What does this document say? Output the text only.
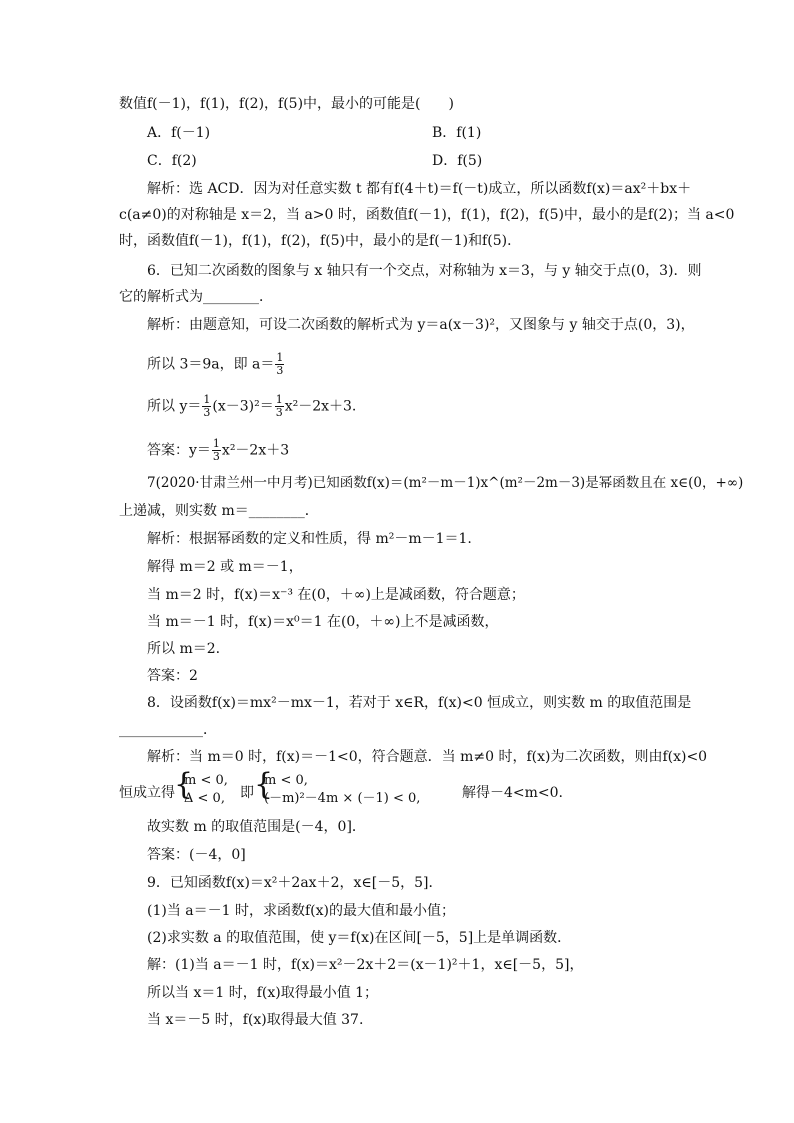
数值f(－1)，f(1)，f(2)，f(5)中，最小的可能是(　　)
A．f(－1)	B．f(1)
C．f(2)	D．f(5)
解析：选 ACD．因为对任意实数 t 都有f(4＋t)＝f(－t)成立，所以函数f(x)＝ax²＋bx＋
c(a≠0)的对称轴是 x＝2，当 a>0 时，函数值f(－1)，f(1)，f(2)，f(5)中，最小的是f(2)；当 a<0
时，函数值f(－1)，f(1)，f(2)，f(5)中，最小的是f(－1)和f(5)．
6．已知二次函数的图象与 x 轴只有一个交点，对称轴为 x＝3，与 y 轴交于点(0，3)．则
它的解析式为________．
解析：由题意知，可设二次函数的解析式为 y＝a(x－3)²，又图象与 y 轴交于点(0，3)，
所以 3＝9a，即 $a= \frac{1}{3}$
所以 $y= \frac{1}{3} (x-3)^2= \frac{1}{3} x^2-2x+3$.
答案：$y= \frac{1}{3} x^2-2x+3$
7(2020·甘肃兰州一中月考)已知函数f(x)＝(m²－m－1)x^(m²－2m－3)是幂函数且在 x∈(0，+∞)
上递减，则实数 m＝________．
解析：根据幂函数的定义和性质，得 m²－m－1＝1.
解得 m＝2 或 m＝－1，
当 m＝2 时，f(x)＝x⁻³ 在(0，＋∞)上是减函数，符合题意；
当 m＝－1 时，f(x)＝x⁰＝1 在(0，＋∞)上不是减函数，
所以 m＝2.
答案：2
8．设函数f(x)＝mx²－mx－1，若对于 x∈R，f(x)<0 恒成立，则实数 m 的取值范围是
____________．
解析：当 m＝0 时，f(x)＝－1<0，符合题意．当 m≠0 时，f(x)为二次函数，则由f(x)<0
恒成立得 {
m < 0,
Δ < 0, 即 {
m < 0,
(－m)²－4m × (－1) < 0,	解得－4<m<0.
故实数 m 的取值范围是(－4，0]．
答案：(－4，0]
9．已知函数f(x)＝x²＋2ax＋2，x∈[－5，5]．
(1)当 a＝－1 时，求函数f(x)的最大值和最小值；
(2)求实数 a 的取值范围，使 y＝f(x)在区间[－5，5]上是单调函数．
解：(1)当 a＝－1 时，f(x)＝x²－2x＋2＝(x－1)²＋1，x∈[－5，5]，
所以当 x＝1 时，f(x)取得最小值 1；
当 x＝－5 时，f(x)取得最大值 37.
